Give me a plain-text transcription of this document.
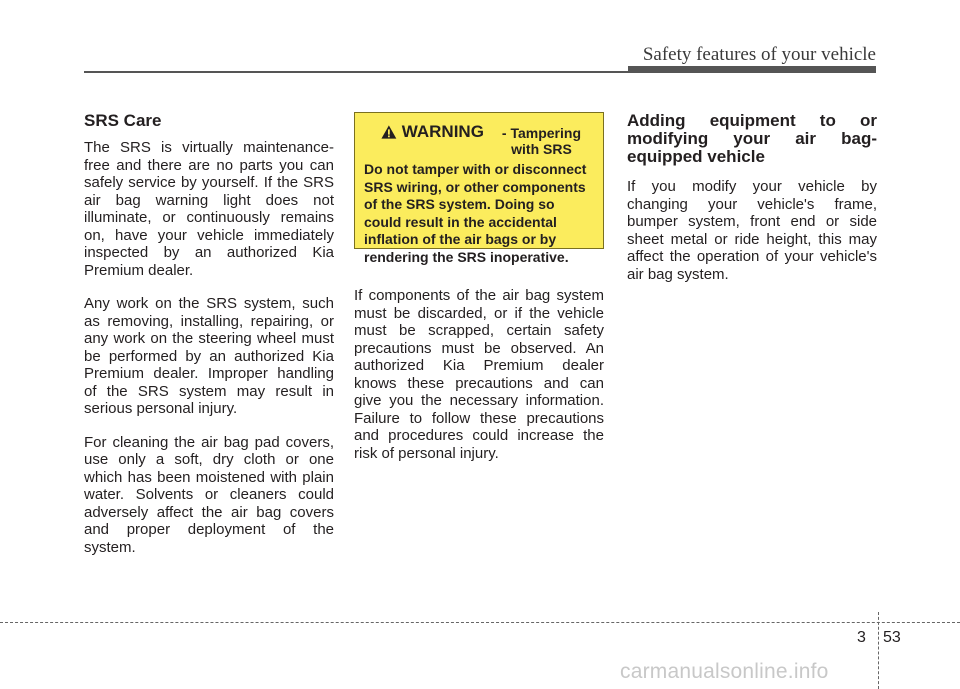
Safety features of your vehicle
SRS Care

The SRS is virtually maintenance-free and there are no parts you can safely service by yourself. If the SRS air bag warning light does not illuminate, or continuously remains on, have your vehicle immediately inspected by an authorized Kia Premium dealer.

Any work on the SRS system, such as removing, installing, repairing, or any work on the steering wheel must be performed by an authorized Kia Premium dealer. Improper handling of the SRS system may result in serious personal injury.

For cleaning the air bag pad covers, use only a soft, dry cloth or one which has been moistened with plain water. Solvents or cleaners could adversely affect the air bag covers and proper deployment of the system.

WARNING	- Tampering with SRS
Do not tamper with or disconnect SRS wiring, or other components of the SRS system. Doing so could result in the accidental inflation of the air bags or by rendering the SRS inoperative.

If components of the air bag system must be discarded, or if the vehicle must be scrapped, certain safety precautions must be observed. An authorized Kia Premium dealer knows these precautions and can give you the necessary information. Failure to follow these precautions and procedures could increase the risk of personal injury.

Adding equipment to or modifying your air bag-equipped vehicle

If you modify your vehicle by changing your vehicle's frame, bumper system, front end or side sheet metal or ride height, this may affect the operation of your vehicle's air bag system.

3 53
carmanualsonline.info
